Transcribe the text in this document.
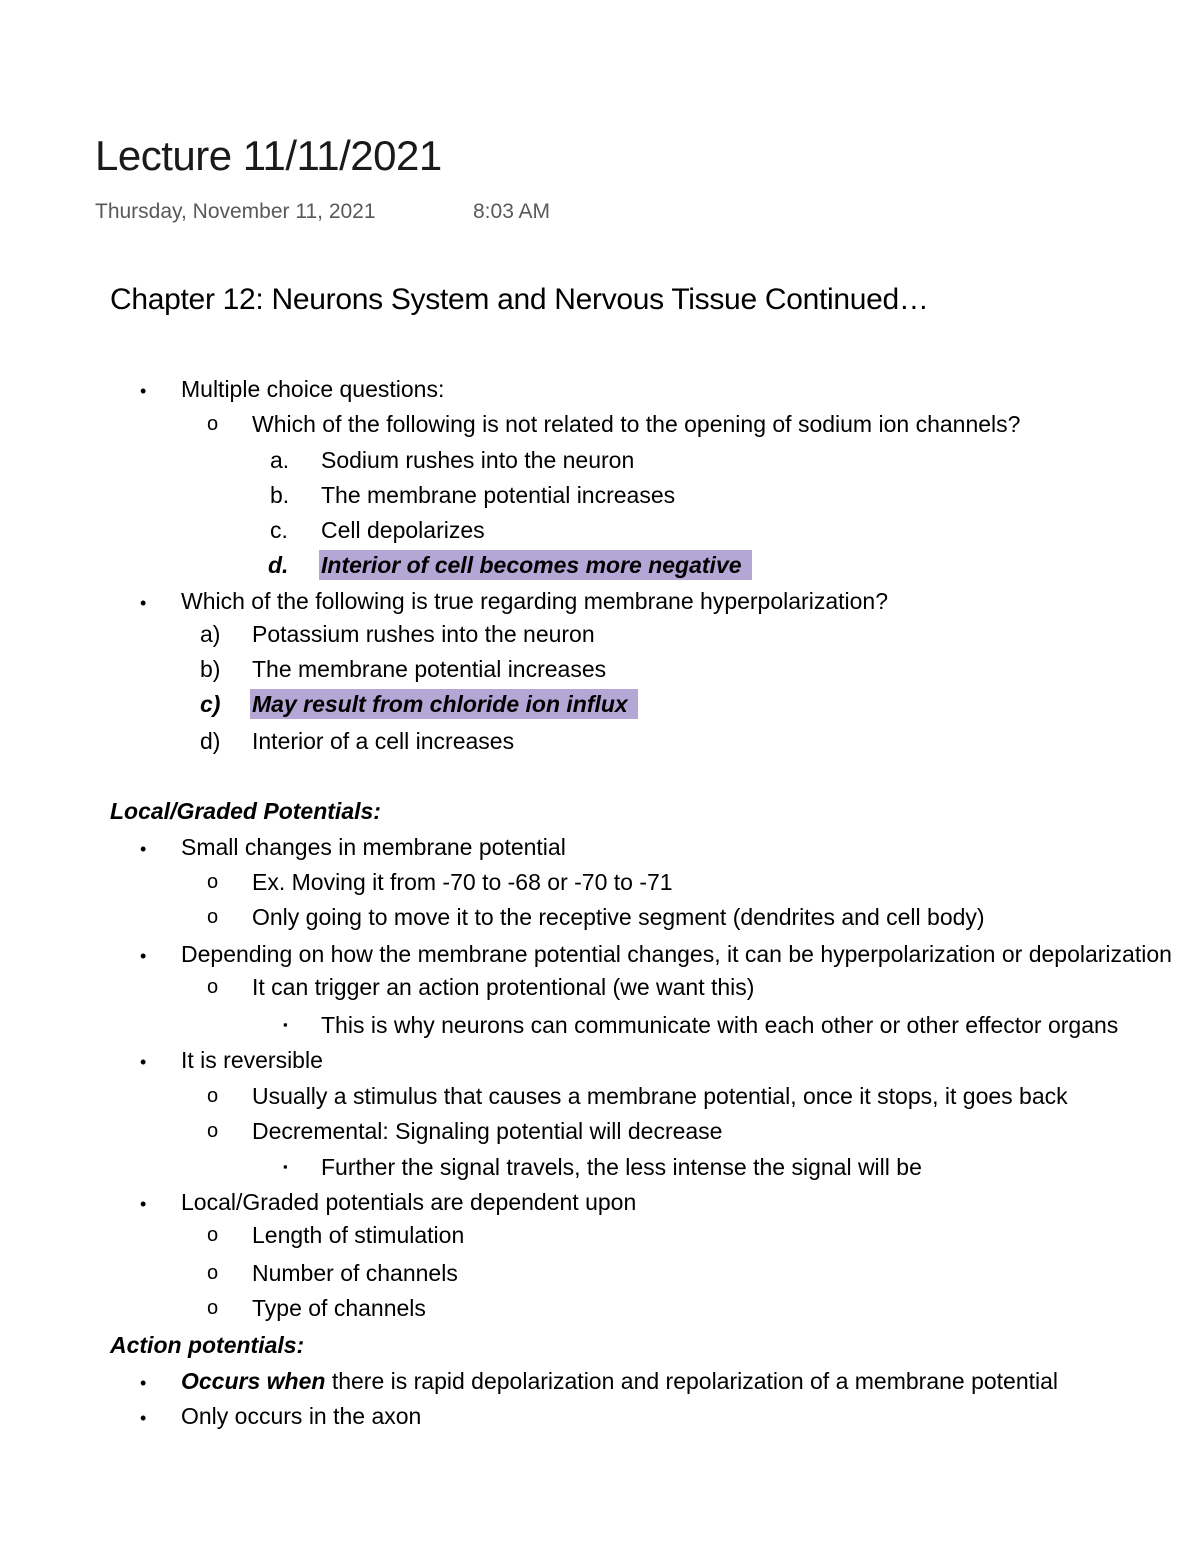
Lecture 11/11/2021
Thursday, November 11, 2021	8:03 AM
Chapter 12: Neurons System and Nervous Tissue Continued…
• Multiple choice questions:
o Which of the following is not related to the opening of sodium ion channels?
a. Sodium rushes into the neuron
b. The membrane potential increases
c. Cell depolarizes
d. Interior of cell becomes more negative
• Which of the following is true regarding membrane hyperpolarization?
a) Potassium rushes into the neuron
b) The membrane potential increases
c) May result from chloride ion influx
d) Interior of a cell increases
Local/Graded Potentials:
• Small changes in membrane potential
o Ex. Moving it from -70 to -68 or -70 to -71
o Only going to move it to the receptive segment (dendrites and cell body)
• Depending on how the membrane potential changes, it can be hyperpolarization or depolarization
o It can trigger an action protentional (we want this)
▪ This is why neurons can communicate with each other or other effector organs
• It is reversible
o Usually a stimulus that causes a membrane potential, once it stops, it goes back
o Decremental: Signaling potential will decrease
▪ Further the signal travels, the less intense the signal will be
• Local/Graded potentials are dependent upon
o Length of stimulation
o Number of channels
o Type of channels
Action potentials:
• Occurs when there is rapid depolarization and repolarization of a membrane potential
• Only occurs in the axon
